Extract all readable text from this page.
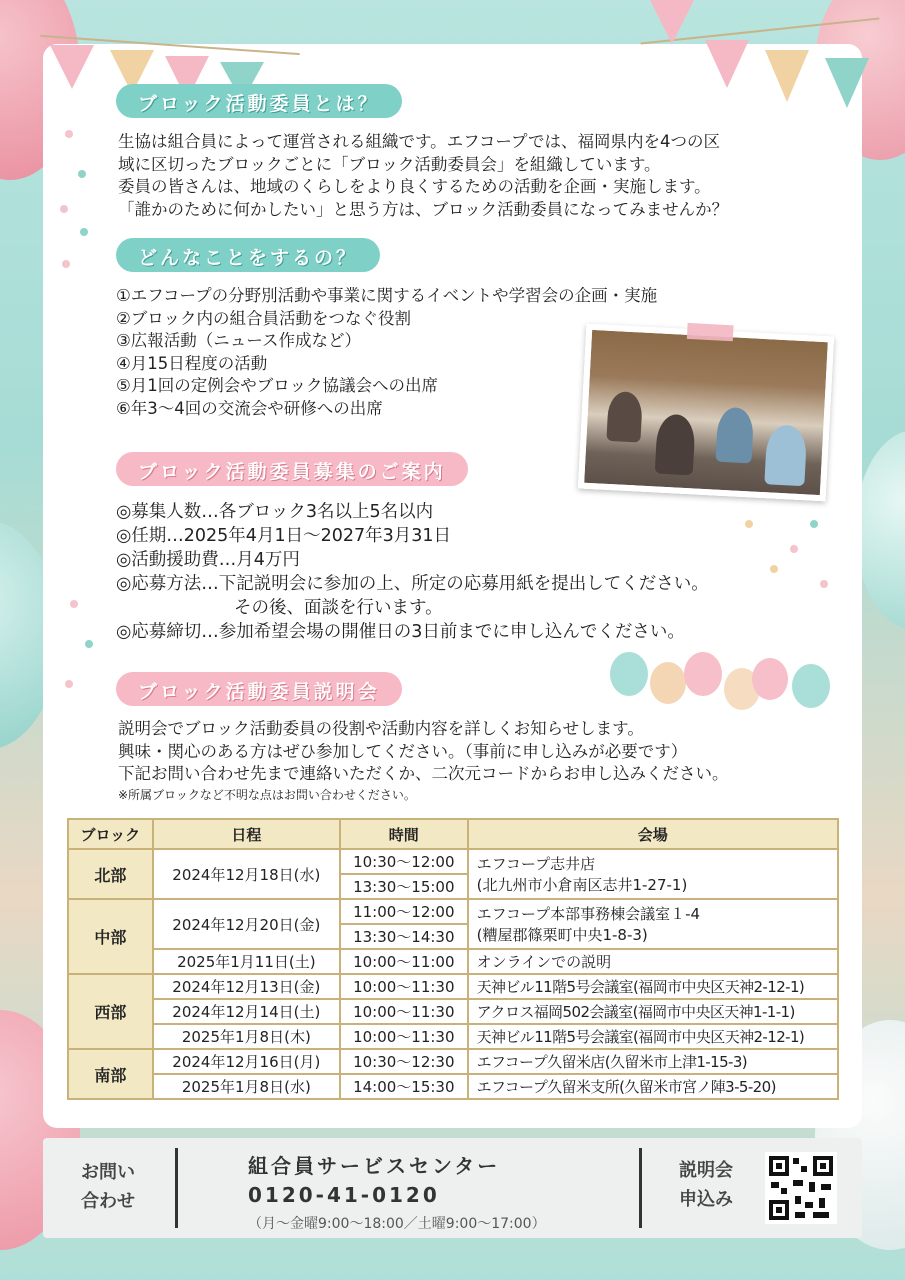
ブロック活動委員とは？
生協は組合員によって運営される組織です。エフコープでは、福岡県内を4つの区
域に区切ったブロックごとに「ブロック活動委員会」を組織しています。
委員の皆さんは、地域のくらしをより良くするための活動を企画・実施します。
「誰かのために何かしたい」と思う方は、ブロック活動委員になってみませんか？
どんなことをするの？
①エフコープの分野別活動や事業に関するイベントや学習会の企画・実施
②ブロック内の組合員活動をつなぐ役割
③広報活動（ニュース作成など）
④月15日程度の活動
⑤月1回の定例会やブロック協議会への出席
⑥年3～4回の交流会や研修への出席
ブロック活動委員募集のご案内
◎募集人数…各ブロック3名以上5名以内
◎任期…2025年4月1日～2027年3月31日
◎活動援助費…月4万円
◎応募方法…下記説明会に参加の上、所定の応募用紙を提出してください。
その後、面談を行います。
◎応募締切…参加希望会場の開催日の3日前までに申し込んでください。
ブロック活動委員説明会
説明会でブロック活動委員の役割や活動内容を詳しくお知らせします。
興味・関心のある方はぜひ参加してください。（事前に申し込みが必要です）
下記お問い合わせ先まで連絡いただくか、二次元コードからお申し込みください。
※所属ブロックなど不明な点はお問い合わせください。
ブロック	日程	時間	会場
北部	2024年12月18日(水)	10:30～12:00	エフコープ志井店
(北九州市小倉南区志井1-27-1)

		13:30～15:00	
中部	2024年12月20日(金)	11:00～12:00	エフコープ本部事務棟会議室１-4
(糟屋郡篠栗町中央1-8-3)

		13:30～14:30	
	2025年1月11日(土)	10:00～11:00	オンラインでの説明
西部	2024年12月13日(金)	10:00～11:30	天神ビル11階5号会議室(福岡市中央区天神2-12-1)
	2024年12月14日(土)	10:00～11:30	アクロス福岡502会議室(福岡市中央区天神1-1-1)
	2025年1月8日(木)	10:00～11:30	天神ビル11階5号会議室(福岡市中央区天神2-12-1)
南部	2024年12月16日(月)	10:30～12:30	エフコープ久留米店(久留米市上津1-15-3)
	2025年1月8日(水)	14:00～15:30	エフコープ久留米支所(久留米市宮ノ陣3-5-20)
お問い
合わせ
組合員サービスセンター
0120-41-0120
（月～金曜9:00～18:00／土曜9:00～17:00）
説明会
申込み
